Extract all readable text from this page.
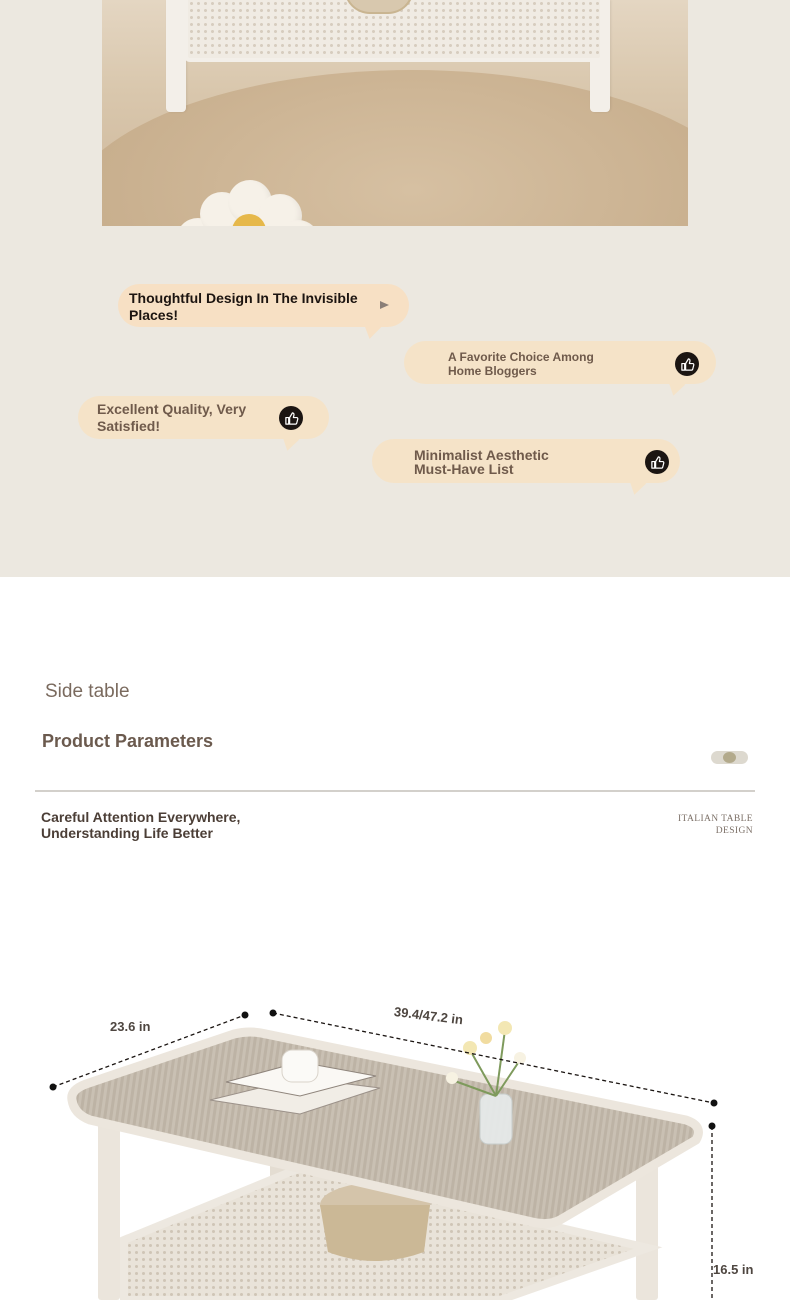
Thoughtful Design In The Invisible Places!
A Favorite Choice Among Home Bloggers
Excellent Quality, Very Satisfied!
Minimalist Aesthetic Must-Have List
Side table
Product Parameters
Careful Attention Everywhere,
Understanding Life Better
ITALIAN TABLE
DESIGN
23.6 in	39.4/47.2 in
16.5 in
